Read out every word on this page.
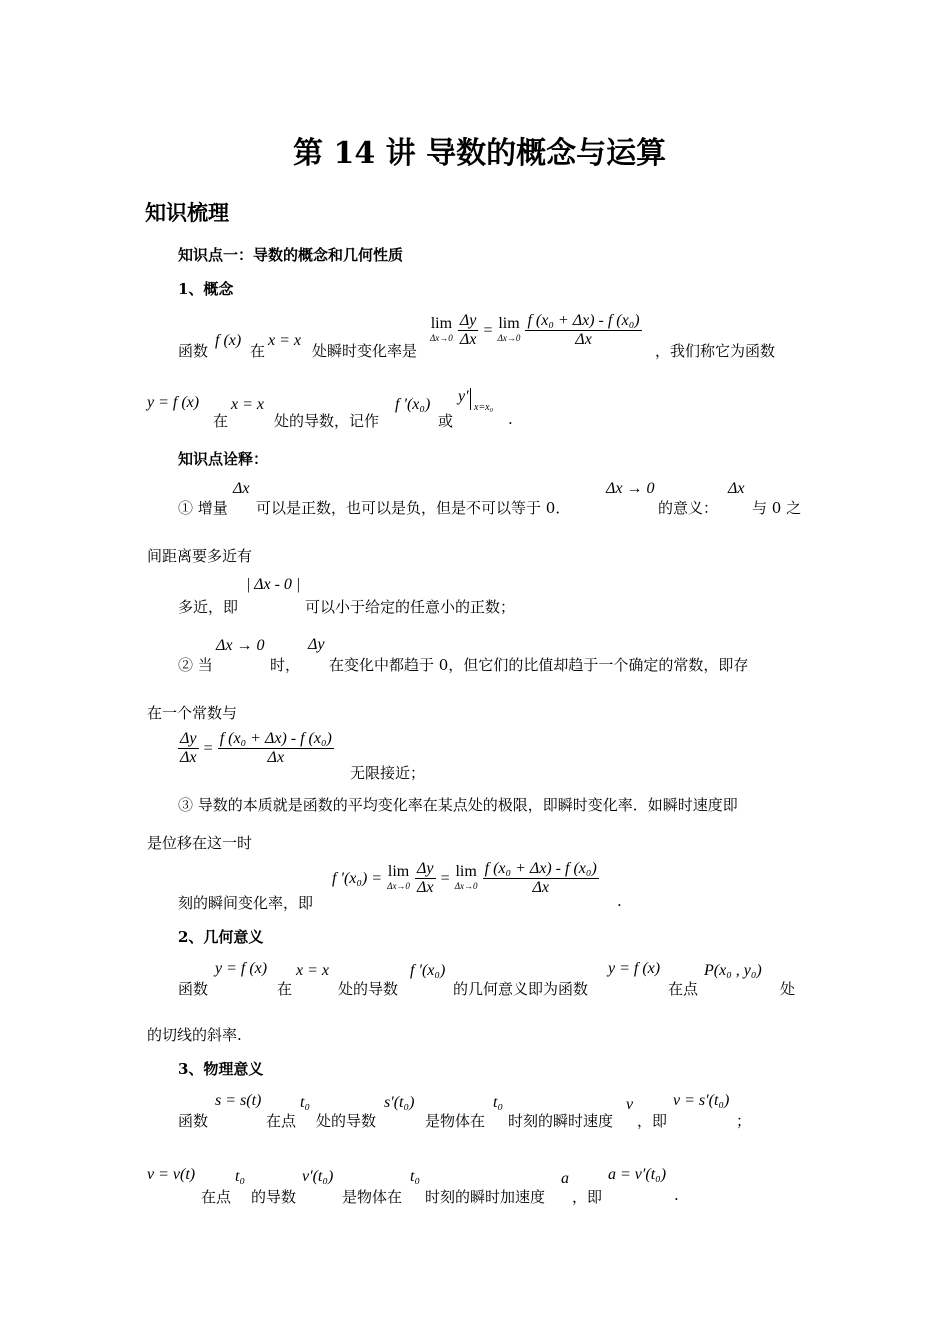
第 14 讲 导数的概念与运算
知识梳理
知识点一：导数的概念和几何性质
1、概念
函数
f (x)
在
x = x
处瞬时变化率是
lim
Δx→0
$\frac{\Delta y}{\Delta x} = \lim$
Δx→0
$\frac{\text{f (x₀ + Δx) - f (x₀)}}{\Delta x}$
，我们称它为函数
y = f (x)
在
x = x
处的导数，记作
f ′(x₀)
或
y′
x=x₀
.
知识点诠释：
① 增量
Δx
可以是正数，也可以是负，但是不可以等于 0．
Δx → 0
的意义：
Δx
与 0 之
间距离要多近有
多近，即
| Δx - 0 |
可以小于给定的任意小的正数；
② 当
Δx → 0
时，
Δy
在变化中都趋于 0，但它们的比值却趋于一个确定的常数，即存
在一个常数与
$\frac{\Delta y}{\Delta x} = \frac{\text{f (x₀ + Δx) - f (x₀)}}{\Delta x}$
无限接近；
③ 导数的本质就是函数的平均变化率在某点处的极限，即瞬时变化率．如瞬时速度即
是位移在这一时
刻的瞬间变化率，即
f ′(x₀) = lim
Δx→0
$\frac{\Delta y}{\Delta x} = \lim$
Δx→0
$\frac{\text{f (x₀ + Δx) - f (x₀)}}{\Delta x}$
.
2、几何意义
函数
y = f (x)
在
x = x
处的导数
f ′(x₀)
的几何意义即为函数
y = f (x)
在点
P(x₀ , y₀)
处
的切线的斜率.
3、物理意义
函数
s = s(t)
在点
t₀
处的导数
s′(t₀)
是物体在
t₀
时刻的瞬时速度
v
，即
v = s′(t₀)
；
v = v(t)
在点
t₀
的导数
v′(t₀)
是物体在
t₀
时刻的瞬时加速度
a
，即
a = v′(t₀)
.
